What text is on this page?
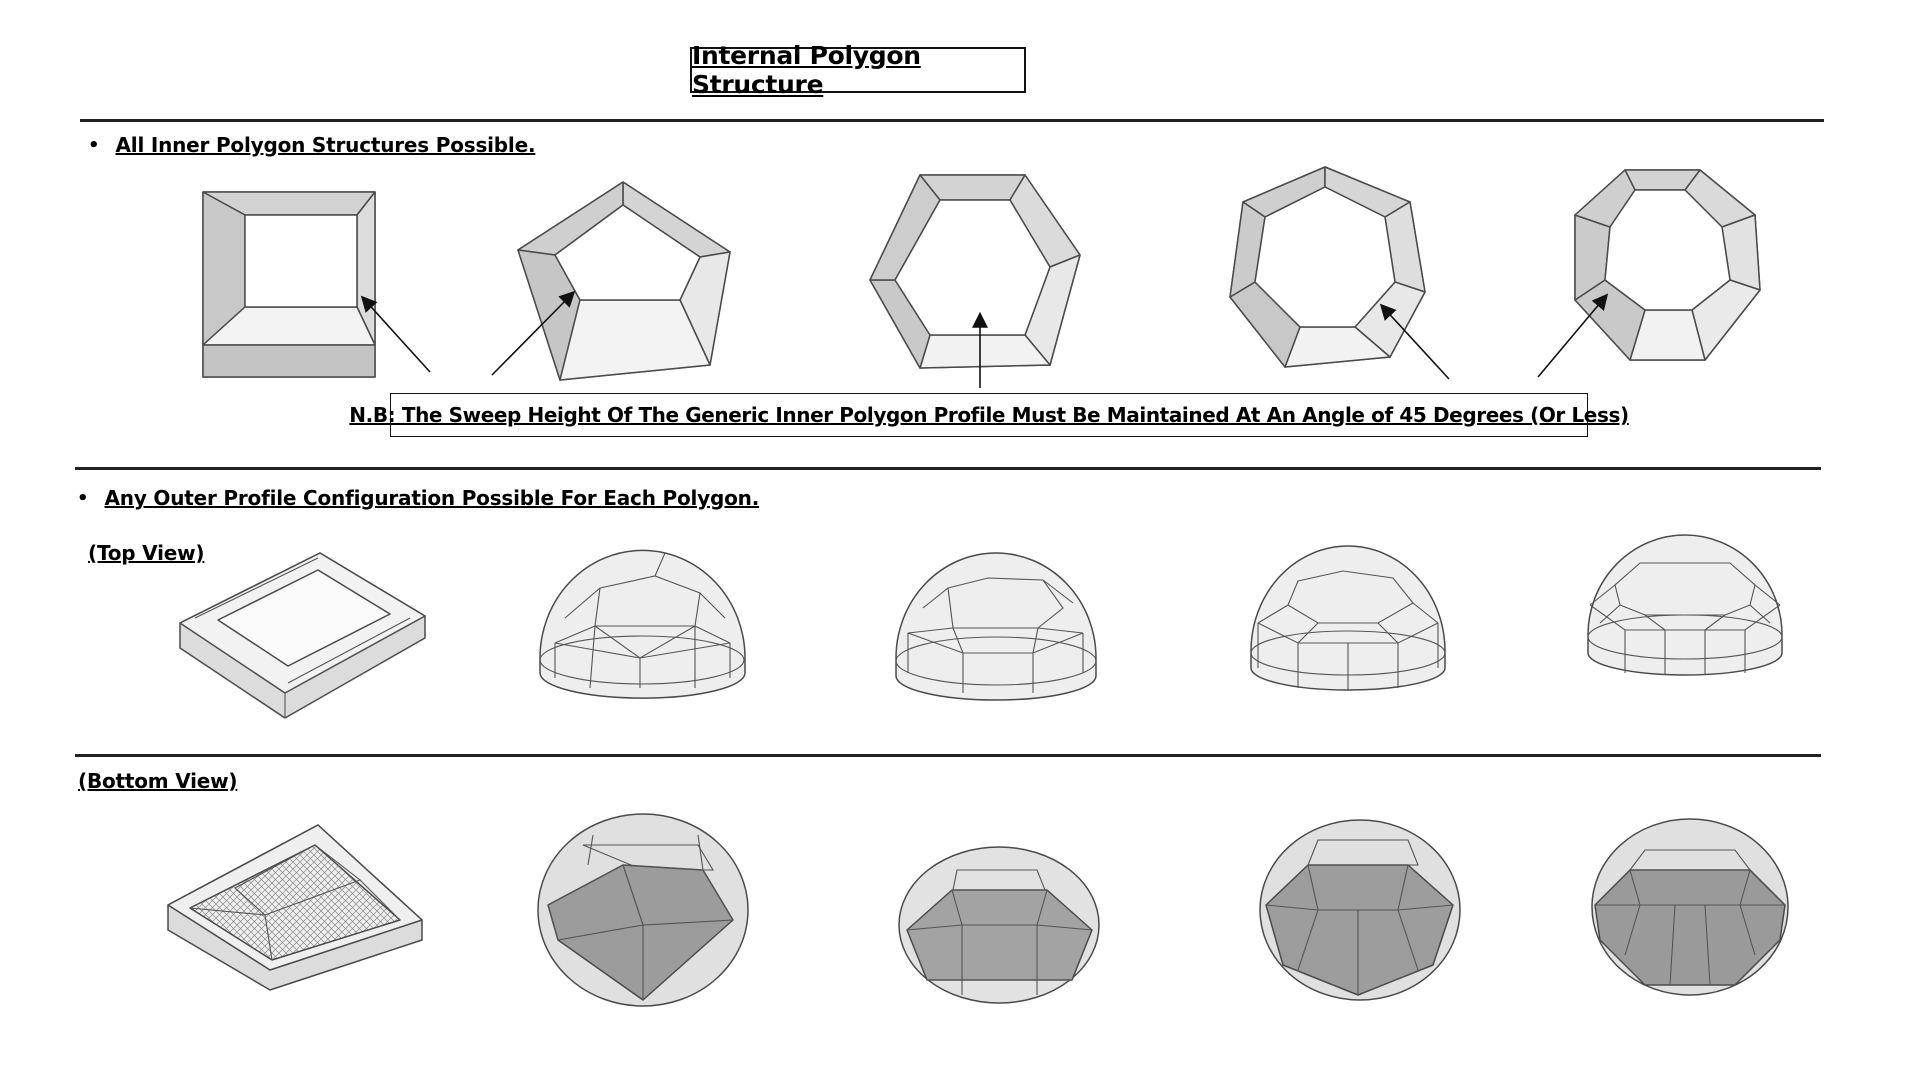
Internal Polygon Structure
• All Inner Polygon Structures Possible.
• Any Outer Profile Configuration Possible For Each Polygon.
(Top View)
(Bottom View)
N.B: The Sweep Height Of The Generic Inner Polygon Profile Must Be Maintained At An Angle of 45 Degrees (Or Less)
